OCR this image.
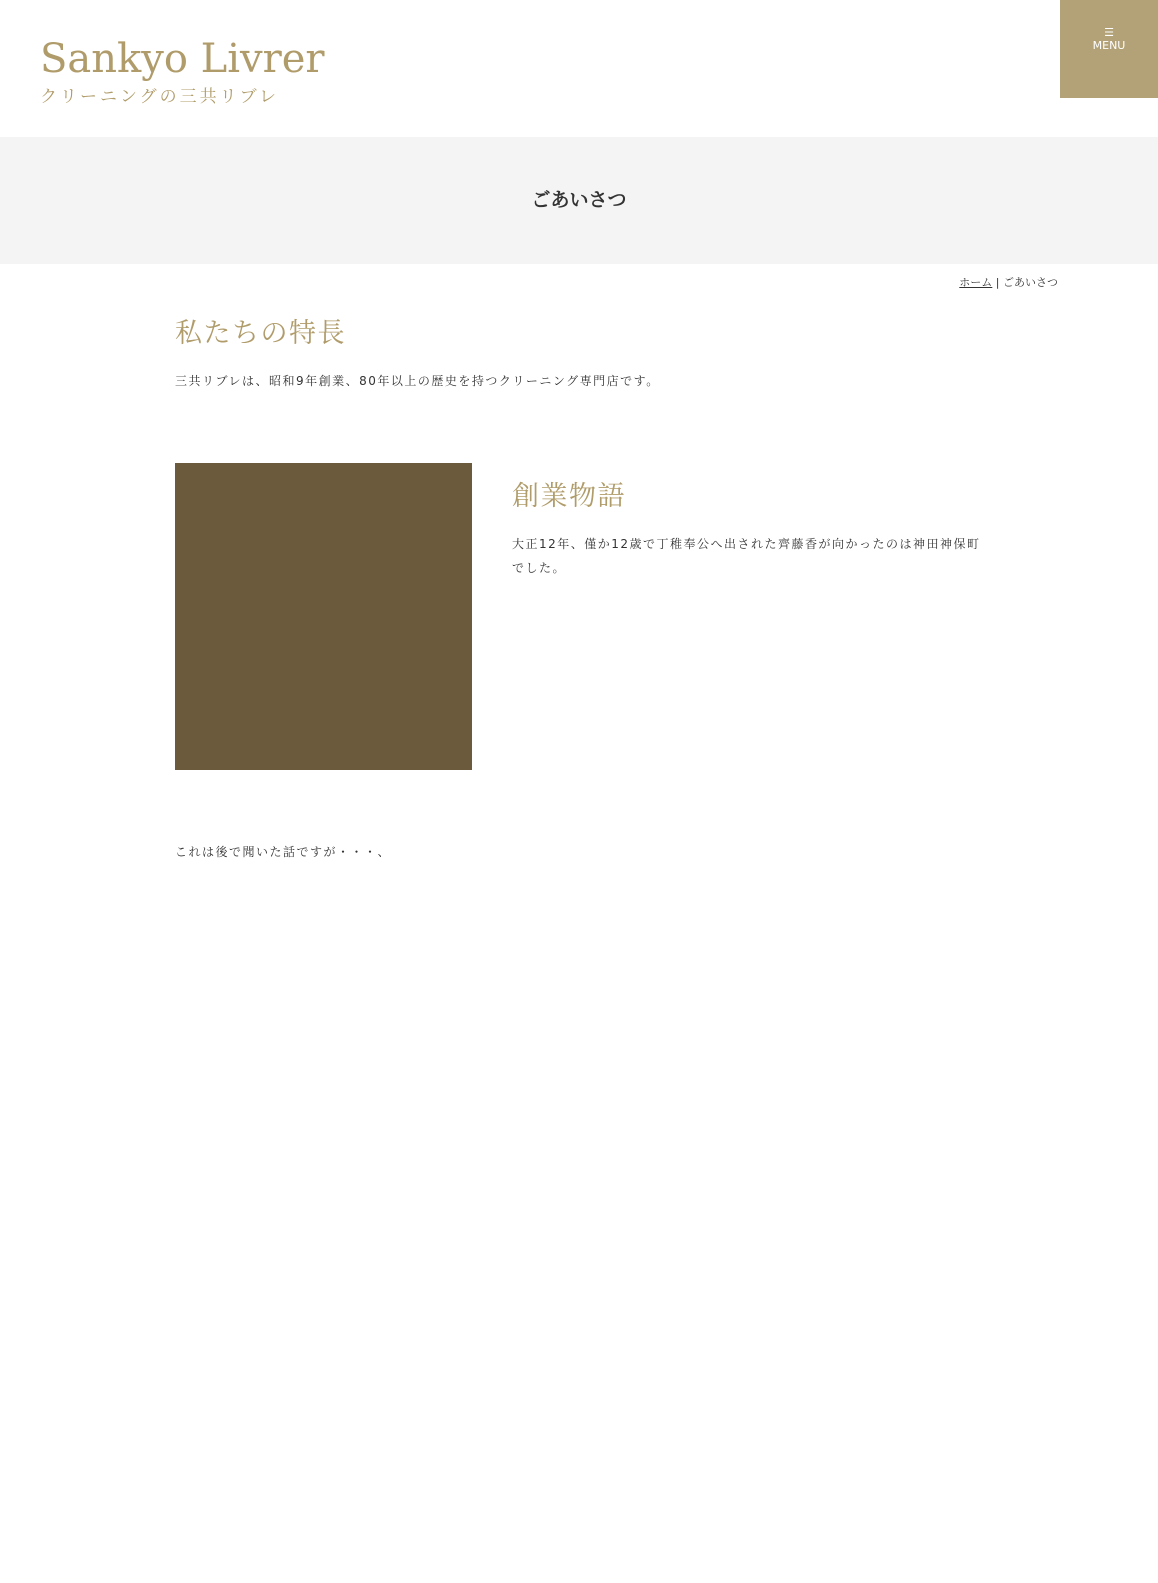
Sankyo Livrer
クリーニングの三共リブレ

☰
MENU
ごあいさつ
ホーム | ごあいさつ
私たちの特長

三共リブレは、昭和9年創業、80年以上の歴史を持つクリーニング専門店です。

創業物語

大正12年、僅か12歳で丁稚奉公へ出された齊藤香が向かったのは神田神保町でした。

これは後で聞いた話ですが・・・、
